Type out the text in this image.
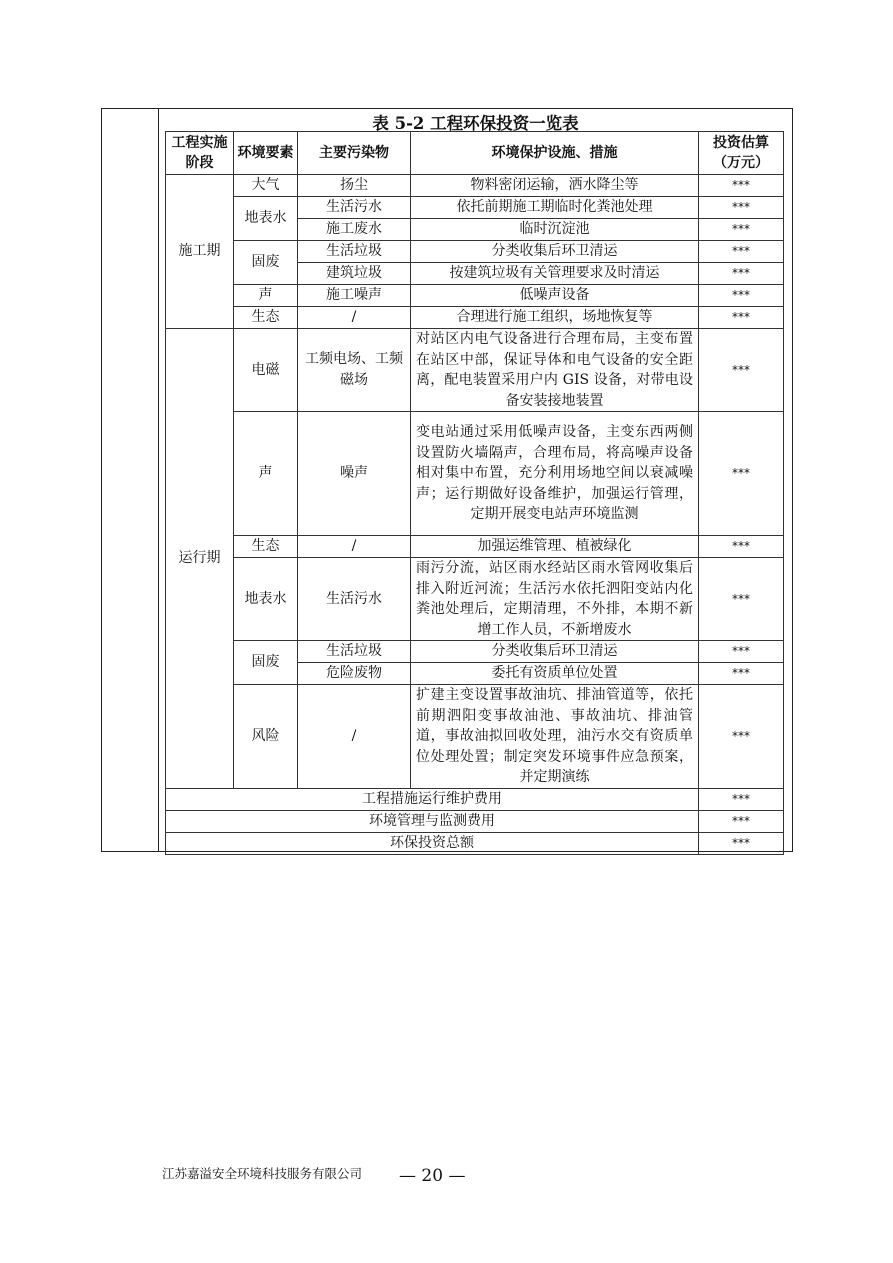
表 5-2 工程环保投资一览表
工程实施阶段	环境要素	主要污染物	环境保护设施、措施	投资估算（万元）
施工期	大气	扬尘	物料密闭运输，洒水降尘等	***
	地表水	生活污水	依托前期施工期临时化粪池处理	***
		施工废水	临时沉淀池	***
	固废	生活垃圾	分类收集后环卫清运	***
		建筑垃圾	按建筑垃圾有关管理要求及时清运	***
	声	施工噪声	低噪声设备	***
	生态	/	合理进行施工组织，场地恢复等	***
运行期	电磁	工频电场、工频磁场	对站区内电气设备进行合理布局，主变布置在站区中部，保证导体和电气设备的安全距离，配电装置采用户内 GIS 设备，对带电设备安装接地装置	***
	声	噪声	变电站通过采用低噪声设备，主变东西两侧设置防火墙隔声，合理布局，将高噪声设备相对集中布置，充分利用场地空间以衰减噪声；运行期做好设备维护，加强运行管理，定期开展变电站声环境监测	***
	生态	/	加强运维管理、植被绿化	***
	地表水	生活污水	雨污分流，站区雨水经站区雨水管网收集后排入附近河流；生活污水依托泗阳变站内化粪池处理后，定期清理，不外排，本期不新增工作人员，不新增废水	***
	固废	生活垃圾	分类收集后环卫清运	***
		危险废物	委托有资质单位处置	***
	风险	/	扩建主变设置事故油坑、排油管道等，依托前期泗阳变事故油池、事故油坑、排油管道，事故油拟回收处理，油污水交有资质单位处理处置；制定突发环境事件应急预案，并定期演练	***
工程措施运行维护费用				***
环境管理与监测费用				***
环保投资总额				***
江苏嘉溢安全环境科技服务有限公司 — 20 —
